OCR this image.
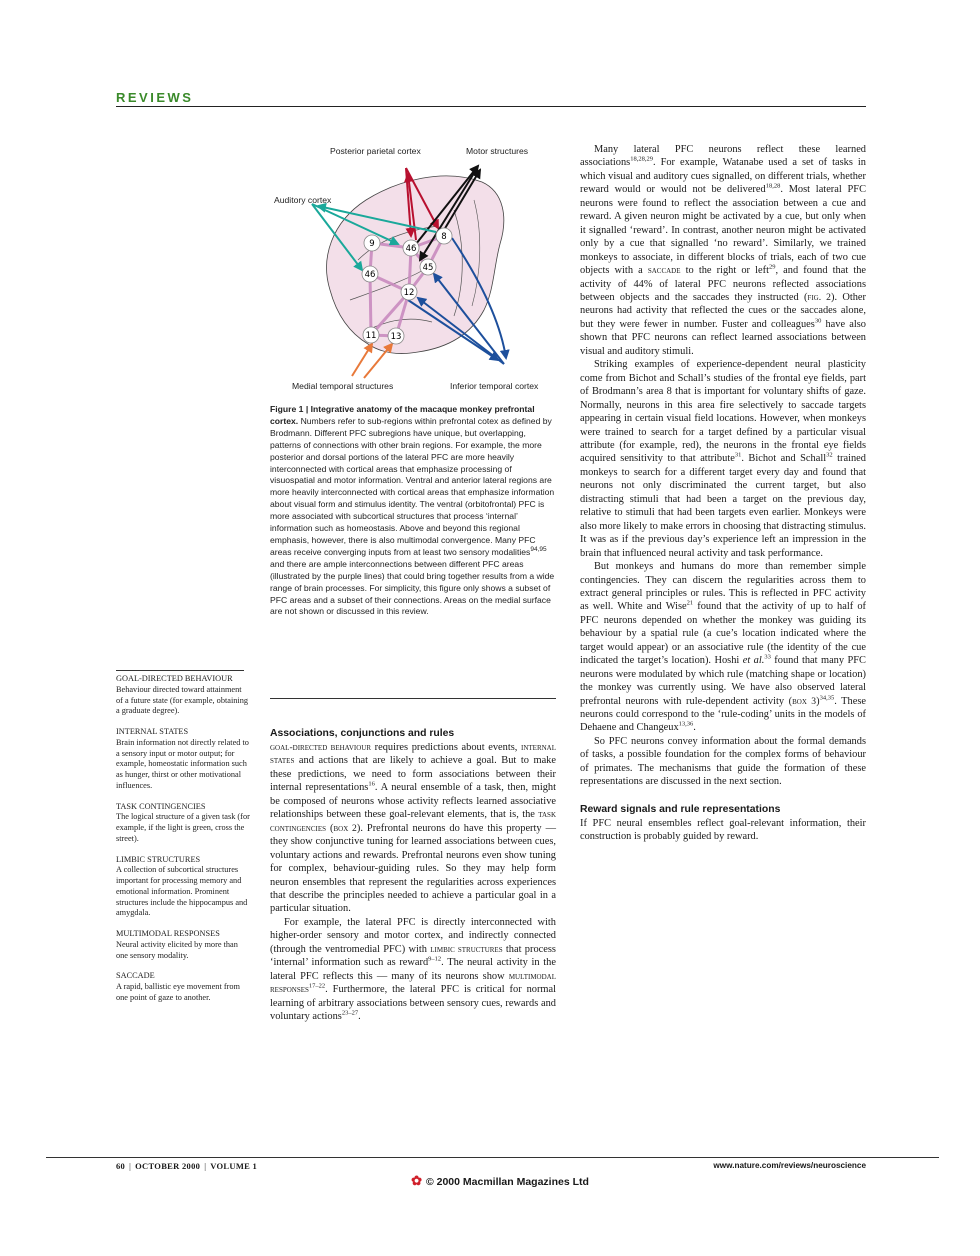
REVIEWS
9	46
8
45
46
12
11 13
Posterior parietal cortex	Motor structures
Auditory cortex
Medial temporal structures	Inferior temporal cortex
Figure 1 | Integrative anatomy of the macaque monkey prefrontal cortex. Numbers refer to sub-regions within prefrontal cotex as defined by Brodmann. Different PFC subregions have unique, but overlapping, patterns of connections with other brain regions. For example, the more posterior and dorsal portions of the lateral PFC are more heavily interconnected with cortical areas that emphasize processing of visuospatial and motor information. Ventral and anterior lateral regions are more heavily interconnected with cortical areas that emphasize information about visual form and stimulus identity. The ventral (orbitofrontal) PFC is more associated with subcortical structures that process ‘internal’ information such as homeostasis. Above and beyond this regional emphasis, however, there is also multimodal convergence. Many PFC areas receive converging inputs from at least two sensory modalities$^{94,95}$ and there are ample interconnections between different PFC areas (illustrated by the purple lines) that could bring together results from a wide range of brain processes. For simplicity, this figure only shows a subset of PFC areas and a subset of their connections. Areas on the medial surface are not shown or discussed in this review.

GOAL-DIRECTED BEHAVIOUR

Behaviour directed toward attainment of a future state (for example, obtaining a graduate degree).

INTERNAL STATES

Brain information not directly related to a sensory input or motor output; for example, homeostatic information such as hunger, thirst or other motivational influences.

TASK CONTINGENCIES

The logical structure of a given task (for example, if the light is green, cross the street).

LIMBIC STRUCTURES

A collection of subcortical structures important for processing memory and emotional information. Prominent structures include the hippocampus and amygdala.

MULTIMODAL RESPONSES

Neural activity elicited by more than one sensory modality.

SACCADE

A rapid, ballistic eye movement from one point of gaze to another.

Associations, conjunctions and rules

goal-directed behaviour requires predictions about events, internal states and actions that are likely to achieve a goal. But to make these predictions, we need to form associations between their internal representations$^{16}$. A neural ensemble of a task, then, might be composed of neurons whose activity reflects learned associative relationships between these goal-relevant elements, that is, the task contingencies (box 2). Prefrontal neurons do have this property — they show conjunctive tuning for learned associations between cues, voluntary actions and rewards. Prefrontal neurons even show tuning for complex, behaviour-guiding rules. So they may help form neuron ensembles that represent the regularities across experiences that describe the principles needed to achieve a particular goal in a particular situation.

For example, the lateral PFC is directly interconnected with higher-order sensory and motor cortex, and indirectly connected (through the ventromedial PFC) with limbic structures that process ‘internal’ information such as reward$^{9-12}$. The neural activity in the lateral PFC reflects this — many of its neurons show multimodal responses$^{17-22}$. Furthermore, the lateral PFC is critical for normal learning of arbitrary associations between sensory cues, rewards and voluntary actions$^{23-27}$.

Many lateral PFC neurons reflect these learned associations$^{18,28,29}$. For example, Watanabe used a set of tasks in which visual and auditory cues signalled, on different trials, whether reward would or would not be delivered$^{18,28}$. Most lateral PFC neurons were found to reflect the association between a cue and reward. A given neuron might be activated by a cue, but only when it signalled ‘reward’. In contrast, another neuron might be activated only by a cue that signalled ‘no reward’. Similarly, we trained monkeys to associate, in different blocks of trials, each of two cue objects with a saccade to the right or left$^{29}$, and found that the activity of 44% of lateral PFC neurons reflected associations between objects and the saccades they instructed (fig. 2). Other neurons had activity that reflected the cues or the saccades alone, but they were fewer in number. Fuster and colleagues$^{30}$ have also shown that PFC neurons can reflect learned associations between visual and auditory stimuli.

Striking examples of experience-dependent neural plasticity come from Bichot and Schall’s studies of the frontal eye fields, part of Brodmann’s area 8 that is important for voluntary shifts of gaze. Normally, neurons in this area fire selectively to saccade targets appearing in certain visual field locations. However, when monkeys were trained to search for a target defined by a particular visual attribute (for example, red), the neurons in the frontal eye fields acquired sensitivity to that attribute$^{31}$. Bichot and Schall$^{32}$ trained monkeys to search for a different target every day and found that neurons not only discriminated the current target, but also distracting stimuli that had been a target on the previous day, relative to stimuli that had been targets even earlier. Monkeys were also more likely to make errors in choosing that distracting stimulus. It was as if the previous day’s experience left an impression in the brain that influenced neural activity and task performance.

But monkeys and humans do more than remember simple contingencies. They can discern the regularities across them to extract general principles or rules. This is reflected in PFC activity as well. White and Wise$^{21}$ found that the activity of up to half of PFC neurons depended on whether the monkey was guiding its behaviour by a spatial rule (a cue’s location indicated where the target would appear) or an associative rule (the identity of the cue indicated the target’s location). Hoshi et al.$^{33}$ found that many PFC neurons were modulated by which rule (matching shape or location) the monkey was currently using. We have also observed lateral prefrontal neurons with rule-dependent activity (box 3)$^{34,35}$. These neurons could correspond to the ‘rule-coding’ units in the models of Dehaene and Changeux$^{13,36}$.

So PFC neurons convey information about the formal demands of tasks, a possible foundation for the complex forms of behaviour of primates. The mechanisms that guide the formation of these representations are discussed in the next section.

Reward signals and rule representations

If PFC neural ensembles reflect goal-relevant information, their construction is probably guided by reward.

60 | OCTOBER 2000 | VOLUME 1	www.nature.com/reviews/neuroscience
✿ © 2000 Macmillan Magazines Ltd
